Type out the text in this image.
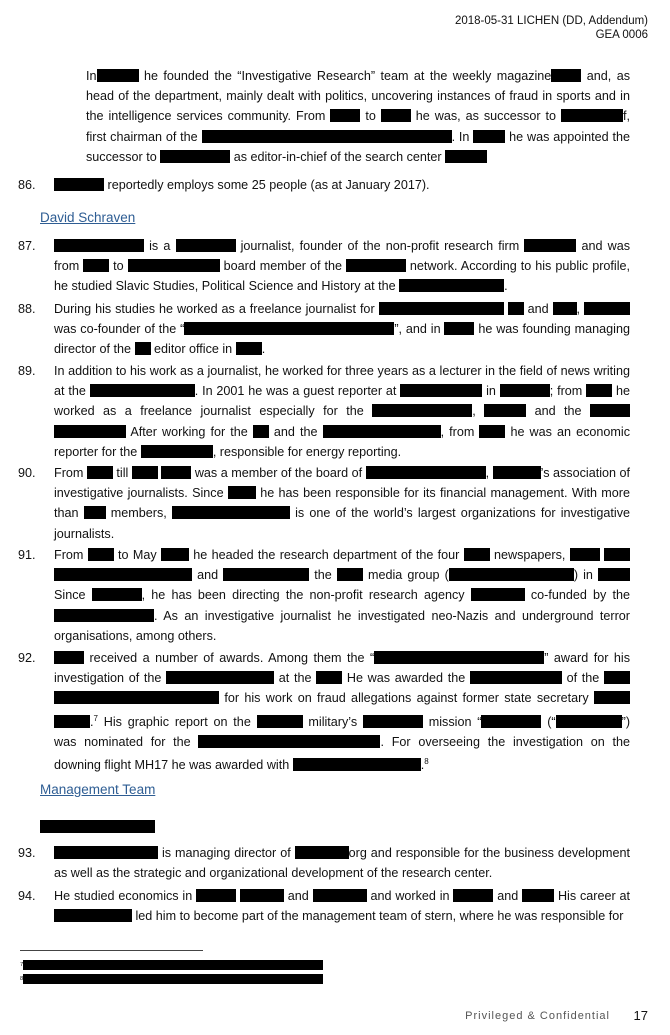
2018-05-31 LICHEN (DD, Addendum)
GEA 0006
In	he founded the “Investigative Research” team at the weekly magazine and, as head of the department, mainly dealt with politics, uncovering instances of fraud in sports and in the intelligence services community. From  to  he was, as successor to	f, first chairman of the	. In	he was appointed the successor to	as editor-in-chief of the search center
86.	reportedly employs some 25 people (as at January 2017).
David Schraven
87.	is a	journalist, founder of the non-profit research firm	and was from  to	board member of the	network. According to his public profile, he studied Slavic Studies, Political Science and History at the	.
88. During his studies he worked as a freelance journalist for	and , was co-founder of the “	”, and in  he was founding managing director of the  editor office in .
89. In addition to his work as a journalist, he worked for three years as a lecturer in the field of news writing at the	. In 2001 he was a guest reporter at	in	; from  he worked as a freelance journalist especially for the	,	and the   After working for the  and the	, from  he was an economic reporter for the	, responsible for energy reporting.
90. From  till	was a member of the board of	,	’s association of investigative journalists. Since  he has been responsible for its financial management. With more than  members,	is one of the world’s largest organizations for investigative journalists.
91. From  to May  he headed the research department of the four  newspapers,    and	the  media group (	) in  Since	, he has been directing the non-profit research agency	co-funded by the . As an investigative journalist he investigated neo-Nazis and underground terror organisations, among others.
92.	received a number of awards. Among them the “	” award for his investigation of the	at the  He was awarded the	of the   for his work on fraud allegations against former state secretary  .$^7$ His graphic report on the	military’s	mission “	(“	”) was nominated for the	. For overseeing the investigation on the downing flight MH17 he was awarded with	.$^8$
Management Team
93.	is managing director of	org and responsible for the business development as well as the strategic and organizational development of the research center.
94. He studied economics in	and	and worked in	and	His career at  led him to become part of the management team of stern, where he was responsible for
$^7$
$^8$
Privileged & Confidential 17
